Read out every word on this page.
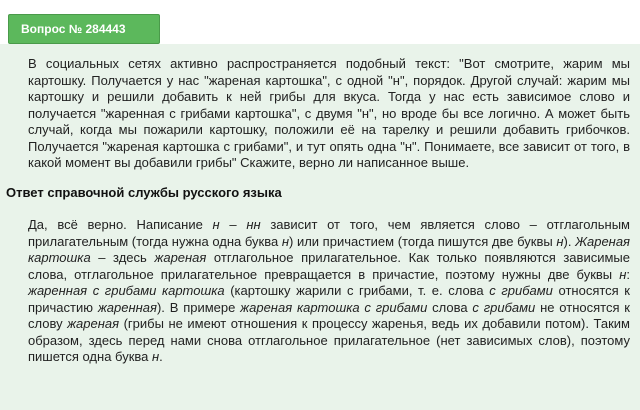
Вопрос № 284443

В социальных сетях активно распространяется подобный текст: "Вот смотрите, жарим мы картошку. Получается у нас "жареная картошка", с одной "н", порядок. Другой случай: жарим мы картошку и решили добавить к ней грибы для вкуса. Тогда у нас есть зависимое слово и получается "жаренная с грибами картошка", с двумя "н", но вроде бы все логично. А может быть случай, когда мы пожарили картошку, положили её на тарелку и решили добавить грибочков. Получается "жареная картошка с грибами", и тут опять одна "н". Понимаете, все зависит от того, в какой момент вы добавили грибы" Скажите, верно ли написанное выше.

Ответ справочной службы русского языка

Да, всё верно. Написание н – нн зависит от того, чем является слово – отглагольным прилагательным (тогда нужна одна буква н) или причастием (тогда пишутся две буквы н). Жареная картошка – здесь жареная отглагольное прилагательное. Как только появляются зависимые слова, отглагольное прилагательное превращается в причастие, поэтому нужны две буквы н: жаренная с грибами картошка (картошку жарили с грибами, т. е. слова с грибами относятся к причастию жаренная). В примере жареная картошка с грибами слова с грибами не относятся к слову жареная (грибы не имеют отношения к процессу жаренья, ведь их добавили потом). Таким образом, здесь перед нами снова отглагольное прилагательное (нет зависимых слов), поэтому пишется одна буква н.
